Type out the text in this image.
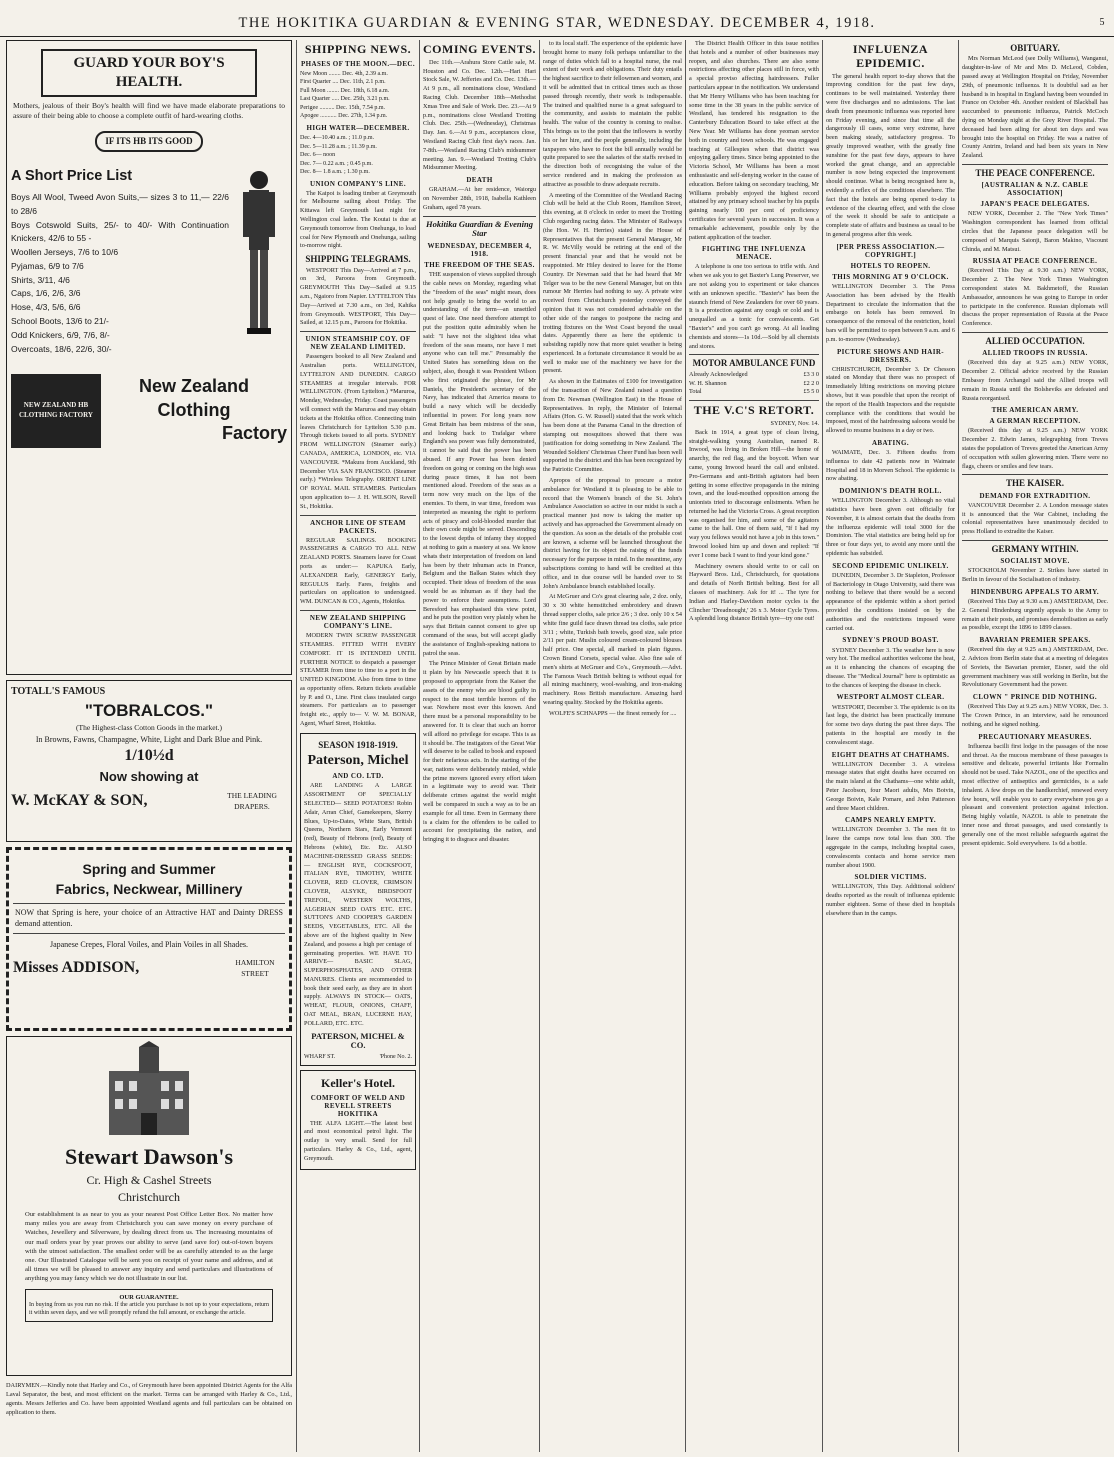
THE HOKITIKA GUARDIAN & EVENING STAR, WEDNESDAY. DECEMBER 4, 1918.	5
GUARD YOUR BOY'S HEALTH.
Mothers, jealous of their Boy's health will find we have made elaborate preparations to assure of their being able to choose a complete outfit of hard-wearing cloths.
IF ITS HB ITS GOOD
A Short Price List
Boys All Wool, Tweed Avon Suits,— sizes 3 to 11,— 22/6 to 28/6
Boys Cotswold Suits, 25/- to 40/- With Continuation Knickers, 42/6 to 55 -
Woollen Jerseys, 7/6 to 10/6
Pyjamas, 6/9 to 7/6
Shirts, 3/11, 4/6
Caps, 1/6, 2/6, 3/6
Hose, 4/3, 5/6, 6/6
School Boots, 13/6 to 21/-
Odd Knickers, 6/9, 7/6, 8/-
Overcoats, 18/6, 22/6, 30/-
NEW ZEALAND HB CLOTHING FACTORY
New Zealand
Clothing
Factory
TOTALL'S FAMOUS
"TOBRALCOS."
(The Highest-class Cotton Goods in the market.)
In Browns, Fawns, Champagne, White, Light and Dark Blue and Pink.
1/10½d
Now showing at
W. McKAY & SON,	THE LEADING DRAPERS.
Spring and Summer
Fabrics, Neckwear, Millinery
NOW that Spring is here, your choice of an Attractive HAT and Dainty DRESS demand attention.
Japanese Crepes, Floral Voiles, and Plain Voiles in all Shades.
Misses ADDISON,	HAMILTON STREET
Stewart Dawson's
Cr. High & Cashel Streets
Christchurch
Our establishment is as near to you as your nearest Post Office Letter Box. No matter how many miles you are away from Christchurch you can save money on every purchase of Watches, Jewellery and Silverware, by dealing direct from us. The increasing mountains of our mail orders year by year proves our ability to serve (and save for) out-of-town buyers with the utmost satisfaction. The smallest order will be as carefully attended to as the large one. Our Illustrated Catalogue will be sent you on receipt of your name and address, and at all times we will be pleased to answer any inquiry and send particulars and illustrations of anything you may fancy which we do not illustrate in our list.
OUR GUARANTEE.
In buying from us you run no risk. If the article you purchase is not up to your expectations, return it within seven days, and we will promptly refund the full amount, or exchange the article.
DAIRYMEN.—Kindly note that Harley and Co., of Greymouth have been appointed District Agents for the Alfa Laval Separator, the best, and most efficient on the market. Terms can be arranged with Harley & Co., Ltd., agents. Messrs Jefferies and Co. have been appointed Westland agents and full particulars can be obtained on application to them.
SHIPPING NEWS.
PHASES OF THE MOON.—DEC.
New Moon ........ Dec. 4th, 2.39 a.m.
First Quarter .... Dec. 11th, 2.1 p.m.
Full Moon ........ Dec. 18th, 6.18 a.m.
Last Quarter ..... Dec. 25th, 3.21 p.m.
Perigee .......... Dec. 15th, 7.54 p.m.
Apogee ........... Dec. 27th, 1.34 p.m.
HIGH WATER—DECEMBER.
Dec. 4—10.40 a.m. ; 11.0 p.m.
Dec. 5—11.28 a.m. ; 11.39 p.m.
Dec. 6— noon
Dec. 7— 0.22 a.m. ; 0.45 p.m.
Dec. 8— 1.8 a.m. ; 1.30 p.m.
UNION COMPANY'S LINE.

The Kaipoi is loading timber at Greymouth for Melbourne sailing about Friday. The Kittawa left Greymouth last night for Wellington coal laden. The Koutai is due at Greymouth tomorrow from Onehunga, to load coal for New Plymouth and Onehunga, sailing to-morrow night.

SHIPPING TELEGRAMS.

WESTPORT This Day—Arrived at 7 p.m., on 3rd, Paroora from Greymouth. GREYMOUTH This Day—Sailed at 9.15 a.m., Ngaioro from Napier. LYTTELTON This Day—Arrived at 7.30 a.m., on 3rd, Kahika from Greymouth. WESTPORT, This Day—Sailed, at 12.15 p.m., Paroora for Hokitika.

UNION STEAMSHIP COY. OF NEW ZEALAND LIMITED.

Passengers booked to all New Zealand and Australian ports. WELLINGTON, LYTTELTON AND DUNEDIN. CARGO STEAMERS at irregular intervals. FOR WELLINGTON. (From Lyttelton.) *Maruroa, Monday, Wednesday, Friday. Coast passengers will connect with the Maruroa and may obtain tickets at the Hokitika office. Connecting train leaves Christchurch for Lyttelton 5.30 p.m. Through tickets issued to all ports. SYDNEY FROM WELLINGTON (Steamer early.) CANADA, AMERICA, LONDON, etc. VIA VANCOUVER. *Makura from Auckland, 9th December VIA SAN FRANCISCO. (Steamer early.) *Wireless Telegraphy. ORIENT LINE OF ROYAL MAIL STEAMERS. Particulars upon application to— J. H. WILSON, Revell St., Hokitika.

ANCHOR LINE OF STEAM PACKETS.

REGULAR SAILINGS. BOOKING PASSENGERS & CARGO TO ALL NEW ZEALAND PORTS. Steamers leave for Coast ports as under:— KAPUKA Early, ALEXANDER Early, GENERGY Early, REGULUS Early. Fares, freights and particulars on application to undersigned. WM. DUNCAN & CO., Agents, Hokitika.

NEW ZEALAND SHIPPING COMPANY'S LINE.

MODERN TWIN SCREW PASSENGER STEAMERS. FITTED WITH EVERY COMFORT. IT IS INTENDED UNTIL FURTHER NOTICE to despatch a passenger STEAMER from time to time to a port in the UNITED KINGDOM. Also from time to time as opportunity offers. Return tickets available by P. and O., Line. First class insulated cargo steamers. For particulars as to passenger freight etc., apply to— V. W. M. BONAR, Agent, Wharf Street, Hokitika.

SEASON 1918-1919.
Paterson, Michel
AND CO. LTD.

ARE LANDING A LARGE ASSORTMENT OF SPECIALLY SELECTED— SEED POTATOES! Robin Adair, Arran Chief, Gamekeepers, Skerry Blues, Up-to-Dates, White Stars, British Queens, Northern Stars, Early Vermont (red), Beauty of Hebrons (red), Beauty of Hebrons (white), Etc. Etc. ALSO MACHINE-DRESSED GRASS SEEDS:— ENGLISH RYE, COCKSFOOT, ITALIAN RYE, TIMOTHY, WHITE CLOVER, RED CLOVER, CRIMSON CLOVER, ALSYKE, BIRDSFOOT TREFOIL, WESTERN WOLTHS, ALGERIAN SEED OATS ETC. ETC. SUTTON'S AND COOPER'S GARDEN SEEDS, VEGETABLES, ETC. All the above are of the highest quality in New Zealand, and possess a high per centage of germinating properties. WE HAVE TO ARRIVE— BASIC SLAG, SUPERPHOSPHATES, AND OTHER MANURES. Clients are recommended to book their seed early, as they are in short supply. ALWAYS IN STOCK— OATS, WHEAT, FLOUR, ONIONS, CHAFF, OAT MEAL, BRAN, LUCERNE HAY, POLLARD, ETC. ETC.

PATERSON, MICHEL & CO.
WHARF ST.	'Phone No. 2.
Keller's Hotel.
COMFORT OF WELD AND REVELL STREETS HOKITIKA

THE ALFA LIGHT.—The latest best and most economical petrol light. The outlay is very small. Send for full particulars. Harley & Co., Ltd., agent, Greymouth.

COMING EVENTS.

Dec 11th.—Arahura Store Cattle sale, M. Houston and Co. Dec. 12th.—Hari Hari Stock Sale, W. Jefferies and Co. Dec. 13th.—At 9 p.m., all nominations close, Westland Racing Club. December 18th—Methodist Xmas Tree and Sale of Work. Dec. 23.—At 9 p.m., nominations close Westland Trotting Club. Dec. 25th.—(Wednesday), Christmas Day. Jan. 6.—At 9 p.m., acceptances close, Westland Racing Club first day's races. Jan. 7-8th.—Westland Racing Club's midsummer meeting. Jan. 9.—Westland Trotting Club's Midsummer Meeting.

DEATH

GRAHAM.—At her residence, Waiorgu on November 28th, 1918, Isabella Kathleen Graham, aged 78 years.

Hokitika Guardian & Evening Star
WEDNESDAY, DECEMBER 4, 1918.
THE FREEDOM OF THE SEAS.

THE suspension of views supplied through the cable news on Monday, regarding what the "freedom of the seas" might mean, does not help greatly to bring the world to an understanding of the term—an unsettled quest of late. One need therefore attempt to put the position quite admirably when he said: "I have not the slightest idea what freedom of the seas means, nor have I met anyone who can tell me." Presumably the United States has something ideas on the subject, also, though it was President Wilson who first originated the phrase, for Mr Daniels, the President's secretary of the Navy, has indicated that America means to build a navy which will be decidedly influential in power. For long years now Great Britain has been mistress of the seas, and looking back to Trafalgar where England's sea power was fully demonstrated, it cannot be said that the power has been abused. If any Power has been denied freedom on going or coming on the high seas during peace times, it has not been mentioned aloud. Freedom of the seas as a term now very much on the lips of the enemies. To them, in war time, freedom was interpreted as meaning the right to perform acts of piracy and cold-blooded murder that their own code might be served. Descending to the lowest depths of infamy they stopped at nothing to gain a mastery at sea. We know whats their interpretation of freedom on land has been by their inhuman acts in France, Belgium and the Balkan States which they occupied. Their ideas of freedom of the seas would be as inhuman as if they had the power to enforce their assumptions. Lord Beresford has emphasised this view point, and he puts the position very plainly when he says that Britain cannot consent to give up command of the seas, but will accept gladly the assistance of English-speaking nations to patrol the seas.

The Prince Minister of Great Britain made it plain by his Newcastle speech that it is proposed to appropriate from the Kaiser the assets of the enemy who are blood guilty in respect to the most terrible horrors of the war. Nowhere most ever this known. And there must be a personal responsibility to be answered for. It is clear that such an horror will afford no privilege for escape. This is as it should be. The instigators of the Great War will deserve to be called to book and exposed for their nefarious acts. In the starting of the war, nations were deliberately misled, while the prime movers ignored every effort taken in a legitimate way to avoid war. Their deliberate crimes against the world might well be compared in such a way as to be an example for all time. Even in Germany there is a claim for the offenders to be called to account for precipitating the nation, and bringing it to disgrace and disaster.

to its local staff. The experience of the epidemic have brought home to many folk perhaps unfamiliar to the range of duties which fall to a hospital nurse, the real extent of their work and obligations. Their duty entails the highest sacrifice to their fellowmen and women, and it will be admitted that in critical times such as those passed through recently, their work is indispensable. The trained and qualified nurse is a great safeguard to the community, and assists to maintain the public health. The value of the country is coming to realise. This brings us to the point that the inflowers is worthy his or her hire, and the people generally, including the taxpayers who have to foot the bill annually would be quite prepared to see the salaries of the staffs revised in the direction both of recognising the value of the service rendered and in making the profession as attractive as possible to draw adequate recruits.

A meeting of the Committee of the Westland Racing Club will be held at the Club Room, Hamilton Street, this evening, at 8 o'clock in order to meet the Trotting Club regarding racing dates. The Minister of Railways (the Hon. W. H. Herries) stated in the House of Representatives that the present General Manager, Mr R. W. McVilly would be retiring at the end of the present financial year and that he would not be reappointed. Mr Hiley desired to leave for the Home Country. Dr Newman said that he had heard that Mr Telger was to be the new General Manager, but on this rumour Mr Herries had nothing to say. A private wire received from Christchurch yesterday conveyed the opinion that it was not considered advisable on the other side of the ranges to postpone the racing and trotting fixtures on the West Coast beyond the usual dates. Apparently there as here the epidemic is subsiding rapidly now that more quiet weather is being experienced. In a fortunate circumstance it would be as well to make use of the machinery we have for the present.

As shown in the Estimates of £100 for investigation of the transaction of New Zealand raised a question from Dr. Newman (Wellington East) in the House of Representatives. In reply, the Minister of Internal Affairs (Hon. G. W. Russell) stated that the work which has been done at the Panama Canal in the direction of stamping out mosquitoes showed that there was justification for doing something in New Zealand. The Wounded Soldiers' Christmas Cheer Fund has been well supported in the district and this has been recognized by the Patriotic Committee.

Apropos of the proposal to procure a motor ambulance for Westland it is pleasing to be able to record that the Women's branch of the St. John's Ambulance Association so active in our midst is such a practical manner just now is taking the matter up actively and has approached the Government already on the question. As soon as the details of the probable cost are known, a scheme will be launched throughout the district having for its object the raising of the funds necessary for the purpose in mind. In the meantime, any subscriptions coming to hand will be credited at this office, and in due course will be handed over to St John's Ambulance branch established locally.

At McGruer and Co's great clearing sale, 2 doz. only, 30 x 30 white hemstitched embroidery and drawn thread supper cloths, sale price 2/6 ; 3 doz. only 10 x 54 white fine guild face drawn thread tea cloths, sale price 3/11 ; white, Turkish bath towels, good size, sale price 2/11 per pair. Muslin coloured cream-coloured blouses half price. One special, all marked in plain figures. Crown Brand Corsets, special value. Also fine sale of men's shirts at McGruer and Co's., Greymouth.—Advt. The Famous Veach British belting is without equal for all mining machinery, wool-washing, and iron-making machinery. Ross British manufacture. Amazing hard wearing quality. Stocked by the Hokitika agents.

WOLFE'S SCHNAPPS — the finest remedy for ....

The District Health Officer in this issue notifies that hotels and a number of other businesses may reopen, and also churches. There are also some restrictions affecting other places still in force, with a special proviso affecting hairdressers. Fuller particulars appear in the notification. We understand that Mr Henry Williams who has been teaching for some time in the 38 years in the public service of Westland, has tendered his resignation to the Canterbury Education Board to take effect at the New Year. Mr Williams has done yeoman service both in country and town schools. He was engaged teaching at Gillespies when that district was enjoying gallery times. Since being appointed to the Victoria School, Mr Williams has been a most enthusiastic and self-denying worker in the cause of education. Before taking on secondary teaching, Mr Williams probably enjoyed the highest record attained by any primary school teacher by his pupils gaining nearly 100 per cent of proficiency certificates for several years in succession. It was a remarkable achievement, possible only by the patient application of the teacher.

FIGHTING THE INFLUENZA MENACE.

A telephone is one too serious to trifle with. And when we ask you to get Baxter's Lung Preserver, we are not asking you to experiment or take chances with an unknown specific. "Baxter's" has been the staunch friend of New Zealanders for over 60 years. It is a protection against any cough or cold and is unequalled as a tonic for convalescents. Get "Baxter's" and you can't go wrong. At all leading chemists and stores—1s 10d.—Sold by all chemists and stores.

MOTOR AMBULANCE FUND
Already Acknowledged	£3 3 0
W. H. Shannon	£2 2 0
Total	£5 5 0
THE V.C'S RETORT.
SYDNEY, Nov. 14.

Back in 1914, a great type of clean living, straight-walking young Australian, named R. Inwood, was living in Broken Hill—the home of anarchy, the red flag, and the boycott. When war came, young Inwood heard the call and enlisted. Pro-Germans and anti-British agitators had been getting in some effective propaganda in the mining town, and the loud-mouthed opposition among the unionists tried to discourage enlistments. When he returned he had the Victoria Cross. A great reception was organised for him, and some of the agitators came to the hall. One of them said, "If I had my way you fellows would not have a job in this town." Inwood looked him up and down and replied: "If ever I come back I want to find your kind gone."

Machinery owners should write to or call on Hayward Bros. Ltd., Christchurch, for quotations and details of North British belting. Best for all classes of machinery. Ask for it! ... The tyre for Indian and Harley-Davidson motor cycles is the Clincher 'Dreadnought,' 26 x 3. Motor Cycle Tyres. A splendid long distance British tyre—try one out!

INFLUENZA EPIDEMIC.

The general health report to-day shows that the improving condition for the past few days, continues to be well maintained. Yesterday there were five discharges and no admissions. The last death from pneumonic influenza was reported here on Friday evening, and since that time all the dangerously ill cases, some very extreme, have been making steady, satisfactory progress. To greatly improved weather, with the greatly fine sunshine for the past few days, appears to have worked the great change, and an appreciable number is now being expected the improvement should continue. What is being recognised here is, evidently a reflex of the conditions elsewhere. The fact that the hotels are being opened to-day is evidence of the clearing effect, and with the close of the week it should be safe to anticipate a complete state of affairs and business as usual to be in general progress after this week.

[PER PRESS ASSOCIATION.—COPYRIGHT.]
HOTELS TO REOPEN.
THIS MORNING AT 9 O'CLOCK.

WELLINGTON December 3. The Press Association has been advised by the Health Department to circulate the information that the embargo on hotels has been removed. In consequence of the removal of the restriction, hotel bars will be permitted to open between 9 a.m. and 6 p.m. to-morrow (Wednesday).

PICTURE SHOWS AND HAIR-DRESSERS.

CHRISTCHURCH, December 3. Dr Chesson stated on Monday that there was no prospect of immediately lifting restrictions on moving picture shows, but it was possible that upon the receipt of the report of the Health Inspectors and the requisite compliance with the conditions that would be imposed, most of the hairdressing saloons would be allowed to resume business in a day or two.

ABATING.

WAIMATE, Dec. 3. Fifteen deaths from influenza to date 42 patients now in Waimate Hospital and 18 in Morven School. The epidemic is now abating.

DOMINION'S DEATH ROLL.

WELLINGTON December 3. Although no vital statistics have been given out officially for November, it is almost certain that the deaths from the influenza epidemic will total 3000 for the Dominion. The vital statistics are being held up for three or four days yet, to avoid any more until the epidemic has subsided.

SECOND EPIDEMIC UNLIKELY.

DUNEDIN, December 3. Dr Stapleton, Professor of Bacteriology in Otago University, said there was nothing to believe that there would be a second appearance of the epidemic within a short period provided the conditions insisted on by the authorities and the restrictions imposed were carried out.

SYDNEY'S PROUD BOAST.

SYDNEY December 3. The weather here is now very hot. The medical authorities welcome the heat, as it is enhancing the chances of escaping the disease. The "Medical Journal" here is optimistic as to the chances of keeping the disease in check.

WESTPORT ALMOST CLEAR.

WESTPORT, December 3. The epidemic is on its last legs, the district has been practically immune for some two days during the past three days. The patients in the hospital are mostly in the convalescent stage.

EIGHT DEATHS AT CHATHAMS.

WELLINGTON December 3. A wireless message states that eight deaths have occurred on the main island at the Chathams—one white adult, Peter Jacobson, four Maori adults, Mrs Boivin, George Boivin, Kale Pomare, and John Patterson and three Maori children.

CAMPS NEARLY EMPTY.

WELLINGTON December 3. The men fit to leave the camps now total less than 300. The aggregate in the camps, including hospital cases, convalescents contacts and home service men number about 1900.

SOLDIER VICTIMS.

WELLINGTON, This Day. Additional soldiers' deaths reported as the result of influenza epidemic number eighteen. Some of these died in hospitals elsewhere than in the camps.

OBITUARY.

Mrs Norman McLeod (see Dolly Williams), Wanganui, daughter-in-law of Mr and Mrs D. McLeod, Cobden, passed away at Wellington Hospital on Friday, November 29th, of pneumonic influenza. It is doubtful sad as her husband is in hospital in England having been wounded in France on October 4th. Another resident of Blackball has succumbed to pneumonic influenza, Patrick McCoch dying on Monday night at the Grey River Hospital. The deceased had been ailing for about ten days and was brought into the hospital on Friday. He was a native of County Antrim, Ireland and had been six years in New Zealand.

THE PEACE CONFERENCE.
[AUSTRALIAN & N.Z. CABLE ASSOCIATION]
JAPAN'S PEACE DELEGATES.

NEW YORK, December 2. The "New York Times" Washington correspondent has learned from official circles that the Japanese peace delegation will be composed of Marquis Saionji, Baron Makino, Viscount Chinda, and M. Matsui.

RUSSIA AT PEACE CONFERENCE.

(Received This Day at 9.30 a.m.) NEW YORK, December 2. The New York Times Washington correspondent states M. Bakhmetoff, the Russian Ambassador, announces he was going to Europe in order to participate in the conference. Russian diplomats will discuss the proper representation of Russia at the Peace Conference.

ALLIED OCCUPATION.
ALLIED TROOPS IN RUSSIA.

(Received this day at 9.25 a.m.) NEW YORK, December 2. Official advice received by the Russian Embassy from Archangel said the Allied troops will remain in Russia until the Bolsheviks are defeated and Russia reorganised.

THE AMERICAN ARMY.
A GERMAN RECEPTION.

(Received this day at 9.25 a.m.) NEW YORK December 2. Edwin James, telegraphing from Treves states the population of Treves greeted the American Army of occupation with sullen glowering mien. There were no flags, cheers or smiles and few tears.

THE KAISER.
DEMAND FOR EXTRADITION.

VANCOUVER December 2. A London message states it is announced that the War Cabinet, including the colonial representatives have unanimously decided to press Holland to extradite the Kaiser.

GERMANY WITHIN.
SOCIALIST MOVE.

STOCKHOLM November 2. Strikes have started in Berlin in favour of the Socialisation of industry.

HINDENBURG APPEALS TO ARMY.

(Received This Day at 9.30 a.m.) AMSTERDAM, Dec. 2. General Hindenburg urgently appeals to the Army to remain at their posts, and promises demobilisation as early as possible, except the 1896 to 1899 classes.

BAVARIAN PREMIER SPEAKS.

(Received this day at 9.25 a.m.) AMSTERDAM, Dec. 2. Advices from Berlin state that at a meeting of delegates of Soviets, the Bavarian premier, Eisner, said the old government machinery was still working in Berlin, but the Revolutionary Government had the power.

CLOWN " PRINCE DID NOTHING.

(Received This Day at 9.25 a.m.) NEW YORK, Dec. 3. The Crown Prince, in an interview, said he renounced nothing, and he signed nothing.

PRECAUTIONARY MEASURES.

Influenza bacilli first lodge in the passages of the nose and throat. As the mucous membrane of these passages is sensitive and delicate, powerful irritants like Formalin should not be used. Take NAZOL, one of the specifics and most effective of antiseptics and germicides, is a safe inhalent. A few drops on the handkerchief, renewed every few hours, will enable you to carry everywhere you go a pleasant and convenient protection against infection. Being highly volatile, NAZOL is able to penetrate the inner nose and throat passages, and used constantly is generally one of the most reliable safeguards against the present epidemic. Sold everywhere. 1s 6d a bottle.
